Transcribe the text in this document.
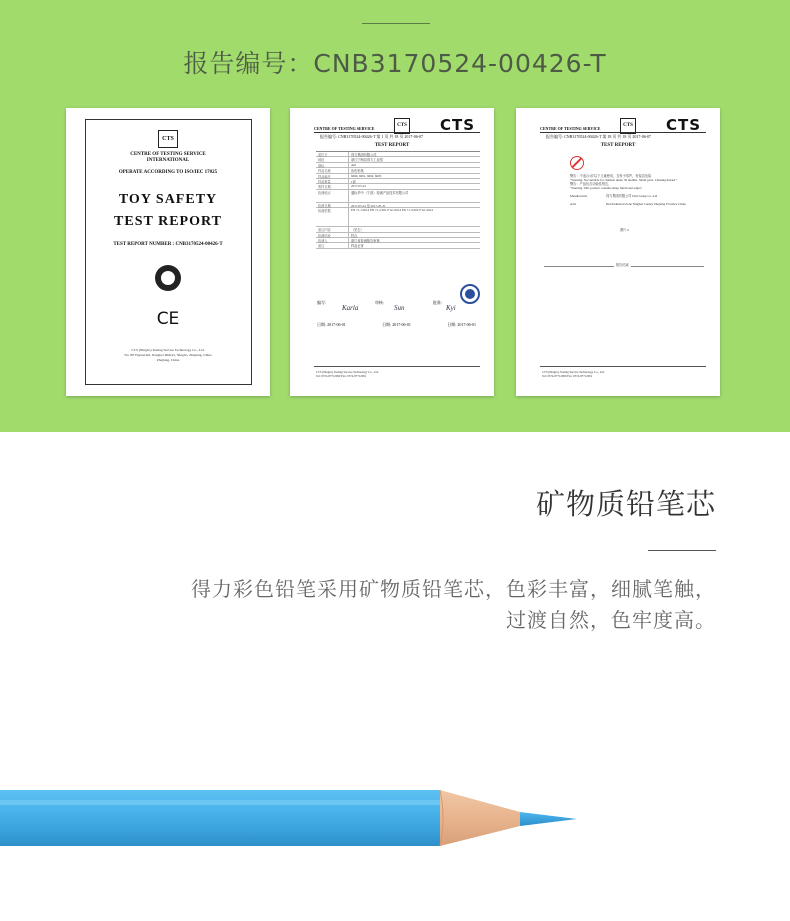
报告编号：CNB3170524-00426-T
CTS
CENTRE OF TESTING SERVICE
INTERNATIONAL
OPERATE ACCORDING TO ISO/IEC 17025
TOY SAFETY
TEST REPORT
TEST REPORT NUMBER : CNB3170524-00426-T
CE
CTS (Ningbo) Testing Service Technology Co., Ltd.
No. 88 Yuyuan Rd. Jiangbei District, Ningbo, Zhejiang, China
Zhejiang, China
CTS CTS
CENTRE OF TESTING SERVICE
报告编号: CNB3170524-00426-T 第 1 页 共 18 页 2017-06-07
TEST REPORT
委托方	得力集团有限公司
地址	浙江宁海县得力工业园
商标	deli
样品名称	彩色铅笔
样品编号	6690, 6691, 6692, 6693
样品数量	1套
收样日期	2017-05-24
检测地点	通标华中（宁波）检测产品技术有限公司
检测日期	2017-05-24 至 2017-05-31
检测依据	EN 71-1:2014 EN 71-2:2011+A1:2014 EN 71-3:2013+A1:2014
备注内容	（见右）
检测结论	符合
检测人	浙江省检测报告审核
备注	样品正常
编写:	审核:	批准:
Karla	Sun	Kyi
日期: 2017-06-01	日期: 2017-06-01	日期: 2017-06-01
CTS (Ningbo) Testing Service Technology Co., Ltd.
Tel: 0574-87712090 Fax: 0574-87712091
CTS CTS
CENTRE OF TESTING SERVICE
报告编号: CNB3170524-00426-T 第 18 页 共 18 页 2017-06-07
TEST REPORT
警告：不适合3岁以下儿童使用，含有小零件，有窒息危险
"Warning. Not suitable for children under 36 months. Small parts. Choking hazard."
警告：产品包含功能性锐边，
"Warning. This product contains sharp functional edges"
Manufacturer	得力集团有限公司 Deli Group Co.,Ltd
Add.	Deli Industrial Zone Ninghai County Zhejiang Province China
照片 6
报告结束
CTS (Ningbo) Testing Service Technology Co., Ltd.
Tel: 0574-87712090 Fax: 0574-87712091
矿物质铅笔芯
得力彩色铅笔采用矿物质铅笔芯，色彩丰富，细腻笔触，
过渡自然，色牢度高。
